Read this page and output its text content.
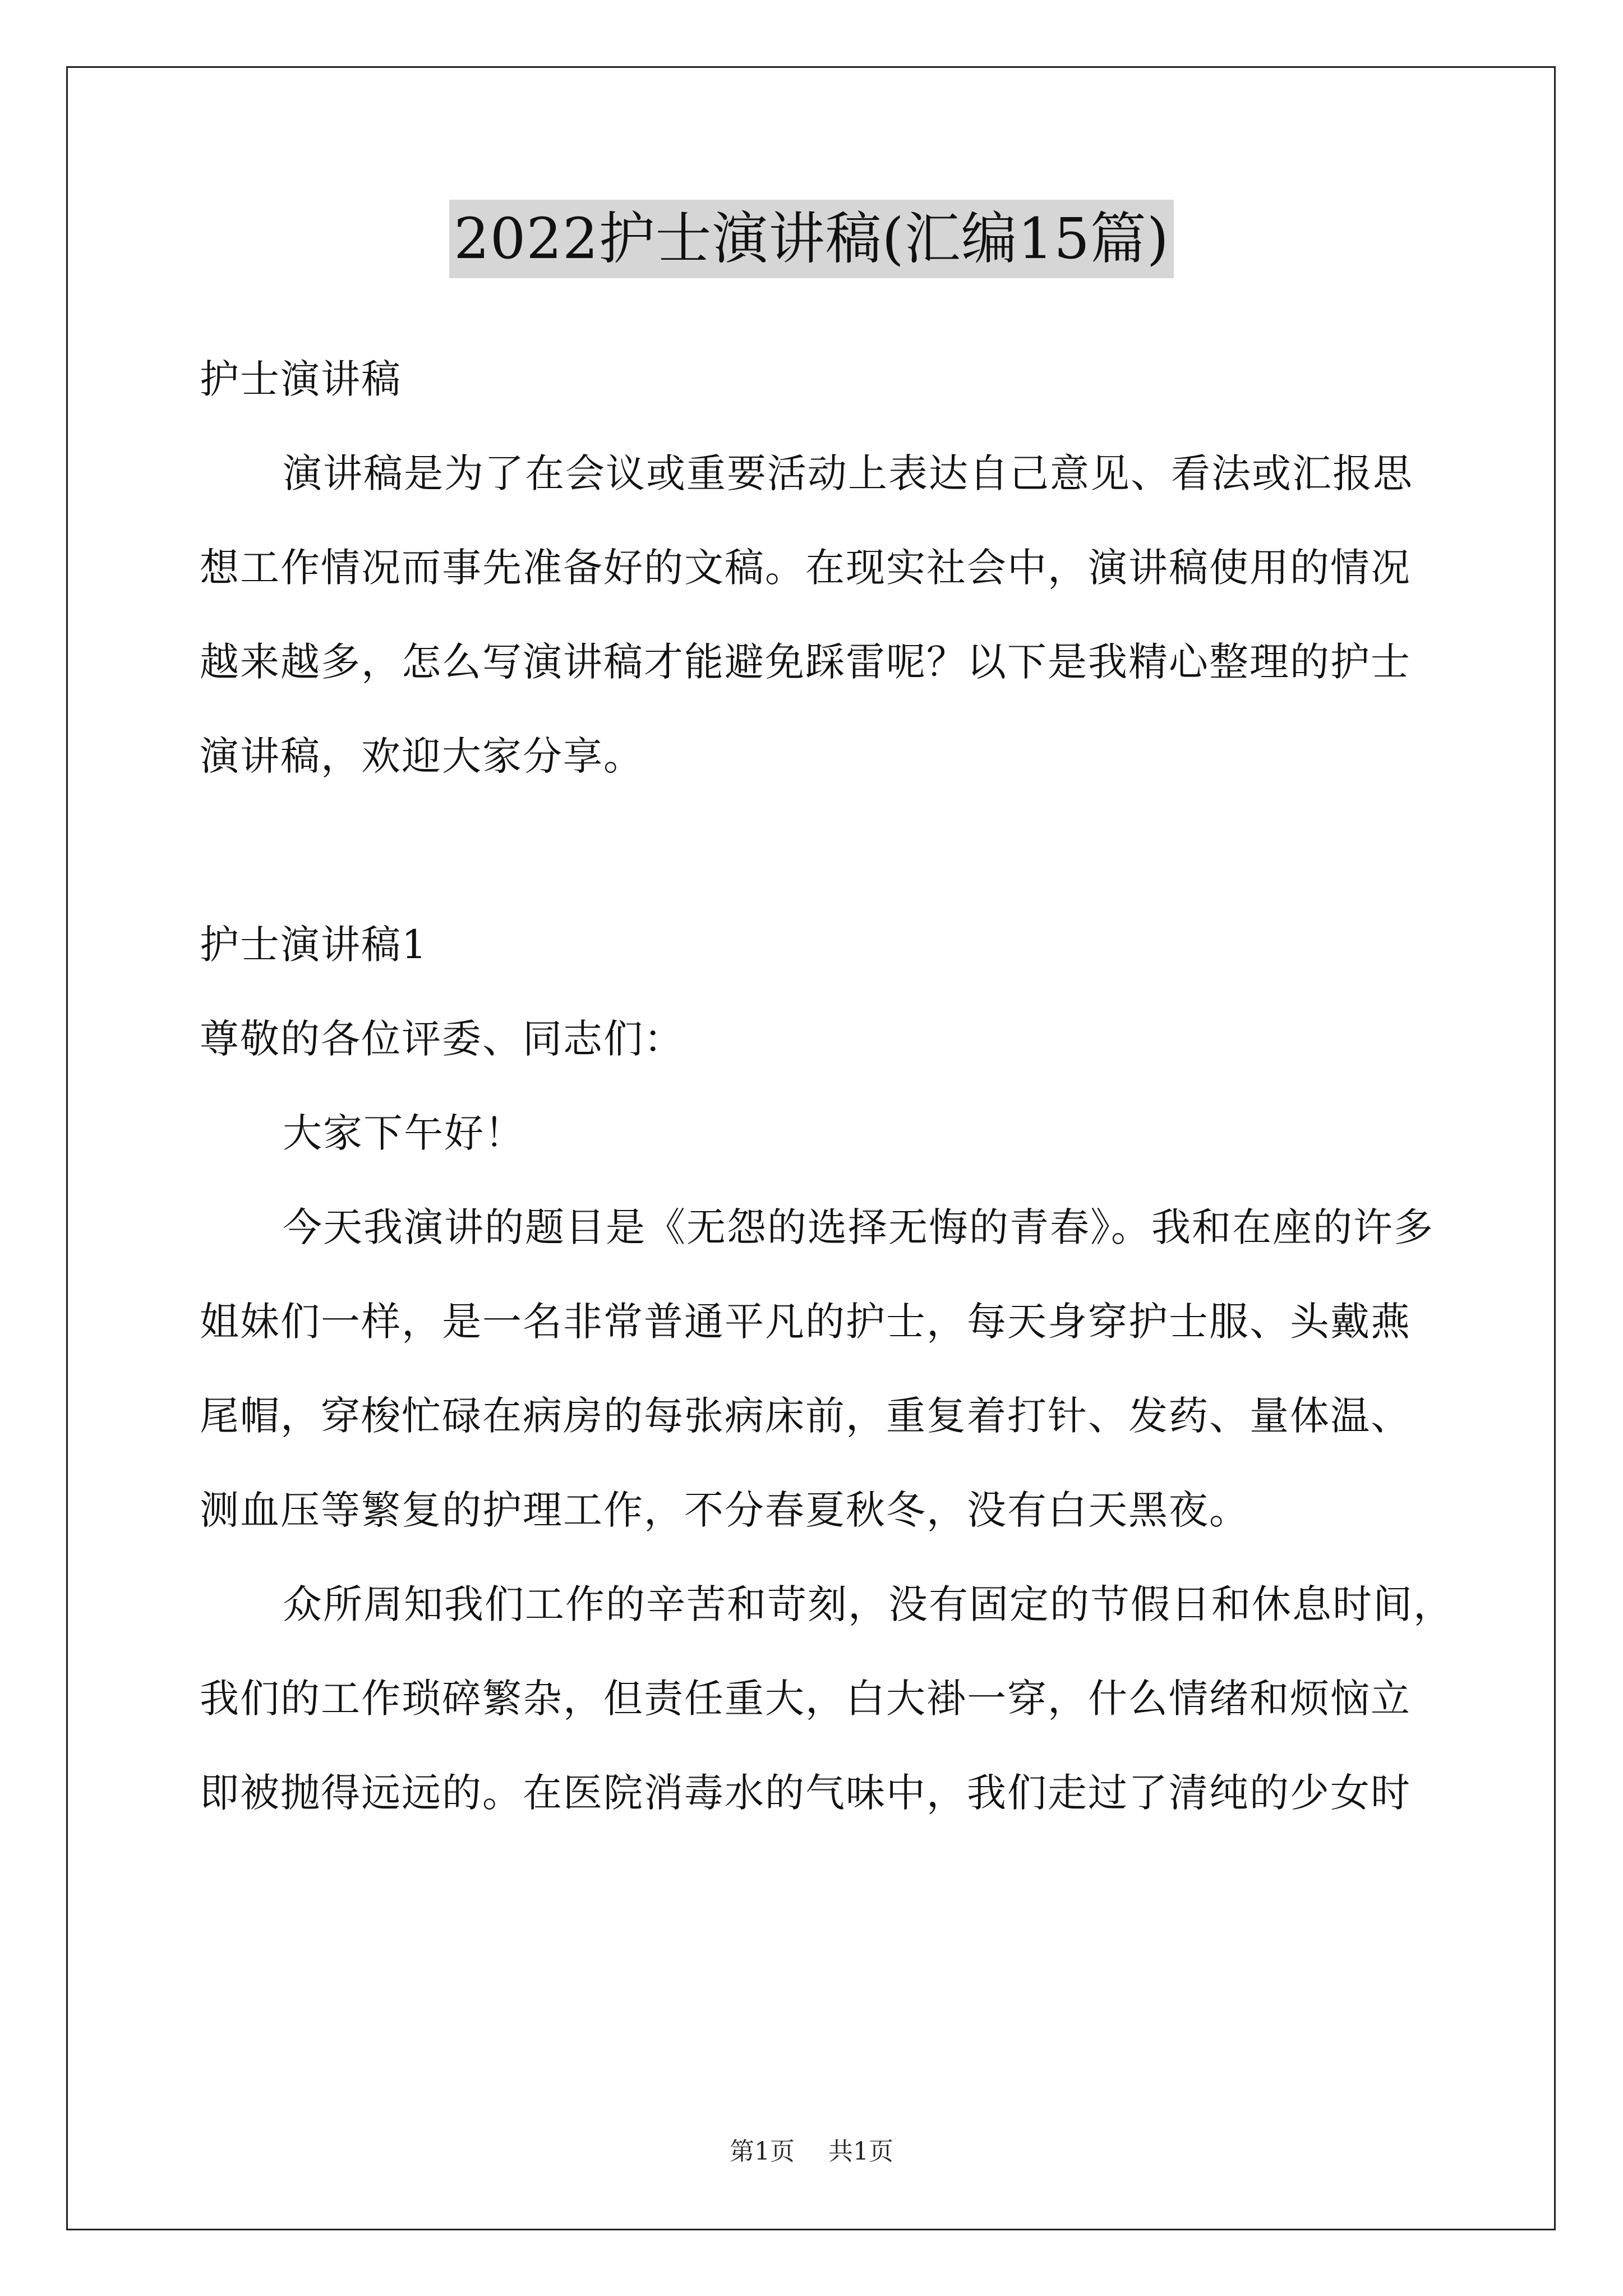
2022护士演讲稿(汇编15篇)
护士演讲稿
演讲稿是为了在会议或重要活动上表达自己意见、看法或汇报思
想工作情况而事先准备好的文稿。在现实社会中，演讲稿使用的情况
越来越多，怎么写演讲稿才能避免踩雷呢？以下是我精心整理的护士
演讲稿，欢迎大家分享。
护士演讲稿1
尊敬的各位评委、同志们：
大家下午好！
今天我演讲的题目是《无怨的选择无悔的青春》。我和在座的许多
姐妹们一样，是一名非常普通平凡的护士，每天身穿护士服、头戴燕
尾帽，穿梭忙碌在病房的每张病床前，重复着打针、发药、量体温、
测血压等繁复的护理工作，不分春夏秋冬，没有白天黑夜。
众所周知我们工作的辛苦和苛刻，没有固定的节假日和休息时间，
我们的工作琐碎繁杂，但责任重大，白大褂一穿，什么情绪和烦恼立
即被抛得远远的。在医院消毒水的气味中，我们走过了清纯的少女时
第1页 共1页
